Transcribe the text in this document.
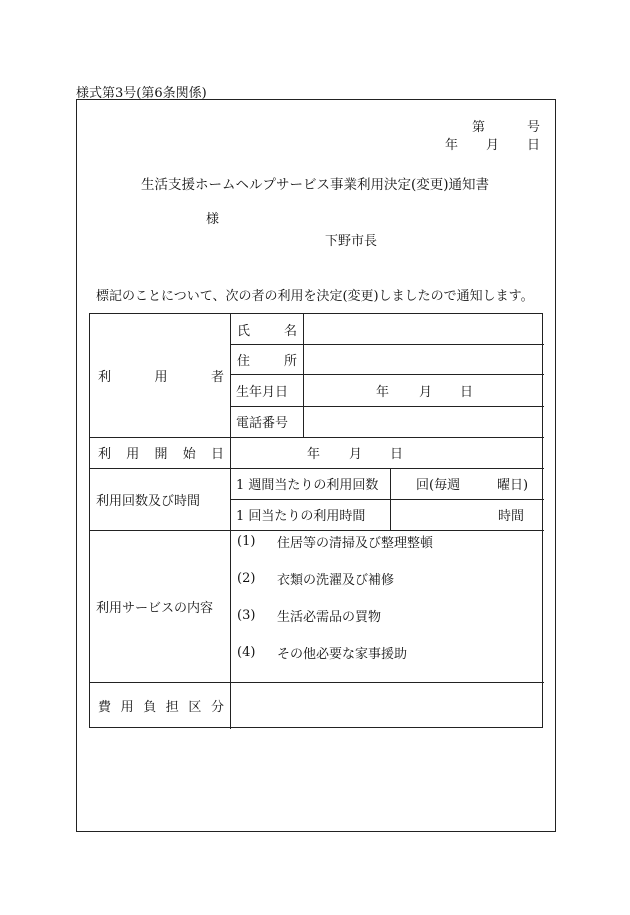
様式第3号(第6条関係)
第	号
年 月 日
生活支援ホームヘルプサービス事業利用決定(変更)通知書
様
下野市長
標記のことについて、次の者の利用を決定(変更)しましたので通知します。
利	用	者
氏	名
住	所
生年月日	年 月 日
電話番号
利 用 開 始 日	年 月 日
利用回数及び時間
1 週間当たりの利用回数	回(毎週	曜日)
1 回当たりの利用時間	時間
利用サービスの内容
(1)	住居等の清掃及び整理整頓
(2)	衣類の洗濯及び補修
(3)	生活必需品の買物
(4)	その他必要な家事援助
費 用 負 担 区 分
